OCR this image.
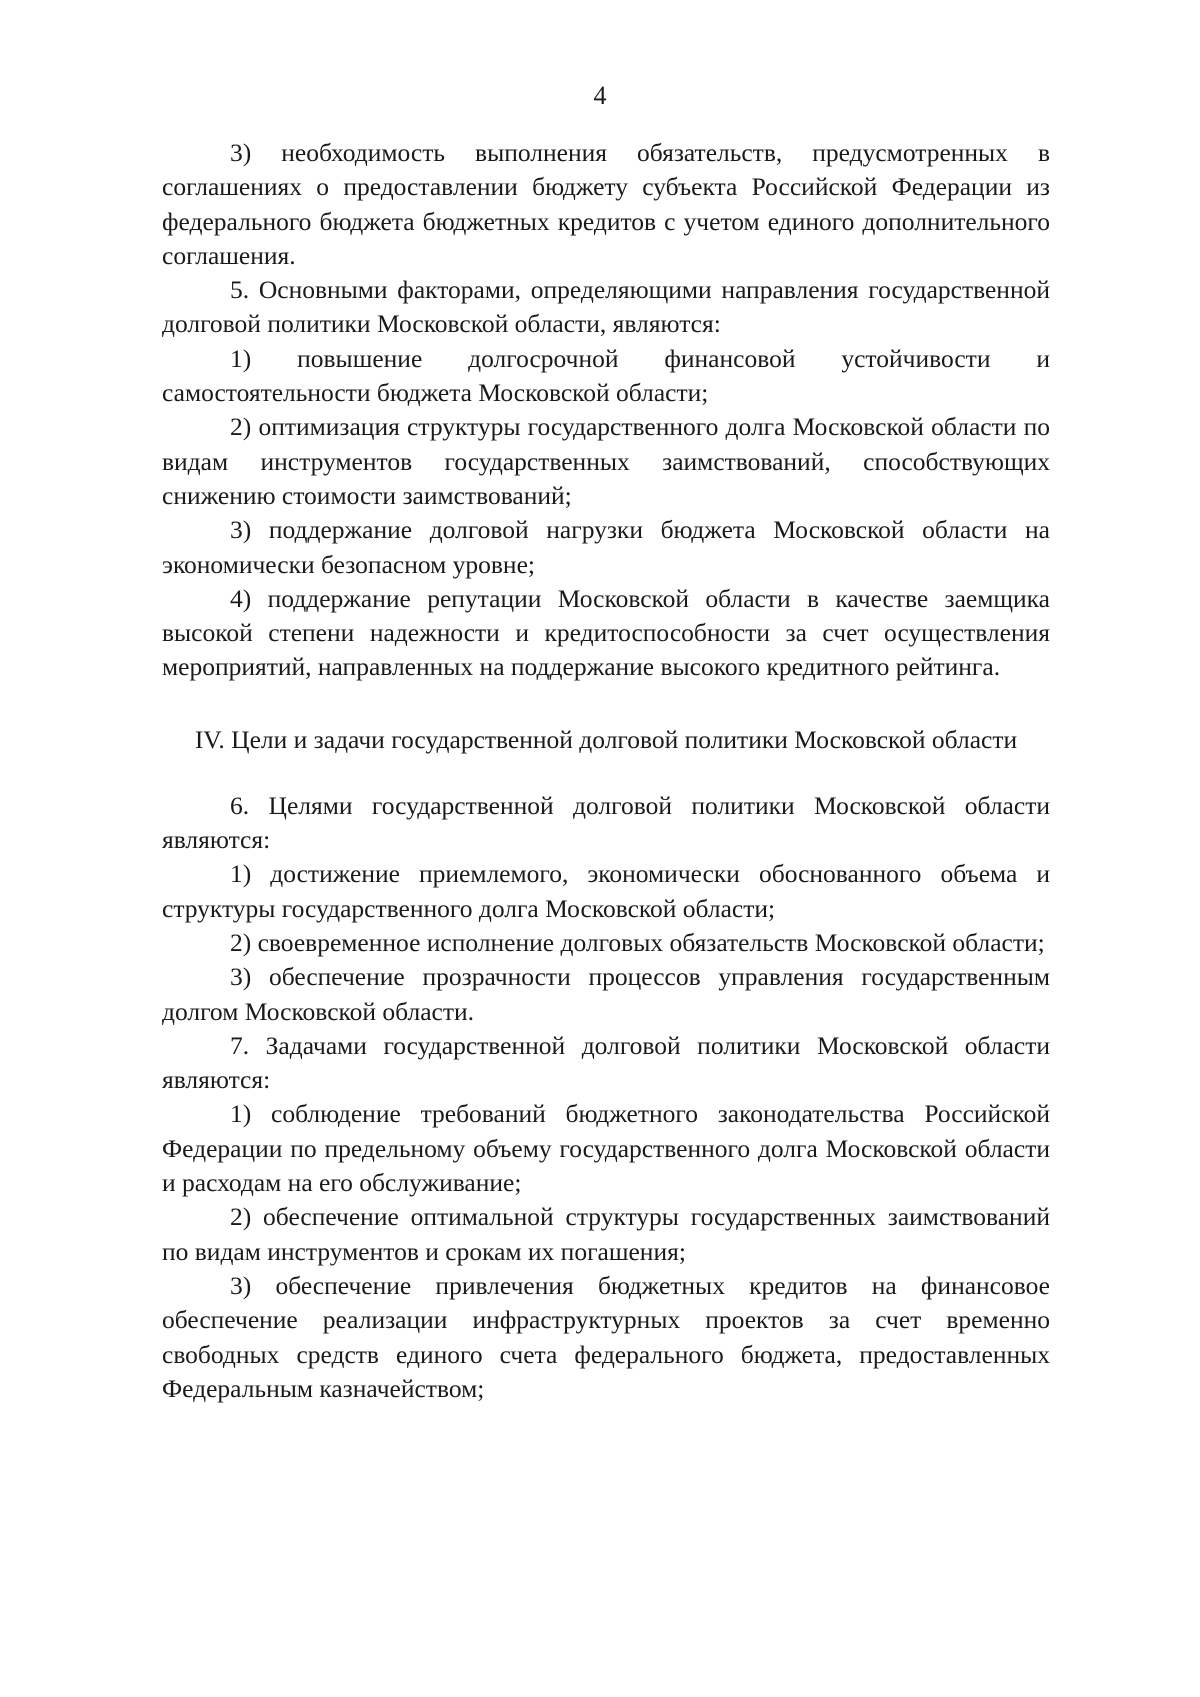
4

3) необходимость выполнения обязательств, предусмотренных в соглашениях о предоставлении бюджету субъекта Российской Федерации из федерального бюджета бюджетных кредитов с учетом единого дополнительного соглашения.

5. Основными факторами, определяющими направления государственной долговой политики Московской области, являются:

1) повышение долгосрочной финансовой устойчивости и самостоятельности бюджета Московской области;

2) оптимизация структуры государственного долга Московской области по видам инструментов государственных заимствований, способствующих снижению стоимости заимствований;

3) поддержание долговой нагрузки бюджета Московской области на экономически безопасном уровне;

4) поддержание репутации Московской области в качестве заемщика высокой степени надежности и кредитоспособности за счет осуществления мероприятий, направленных на поддержание высокого кредитного рейтинга.

IV. Цели и задачи государственной долговой политики Московской области

6. Целями государственной долговой политики Московской области являются:

1) достижение приемлемого, экономически обоснованного объема и структуры государственного долга Московской области;

2) своевременное исполнение долговых обязательств Московской области;

3) обеспечение прозрачности процессов управления государственным долгом Московской области.

7. Задачами государственной долговой политики Московской области являются:

1) соблюдение требований бюджетного законодательства Российской Федерации по предельному объему государственного долга Московской области и расходам на его обслуживание;

2) обеспечение оптимальной структуры государственных заимствований по видам инструментов и срокам их погашения;

3) обеспечение привлечения бюджетных кредитов на финансовое обеспечение реализации инфраструктурных проектов за счет временно свободных средств единого счета федерального бюджета, предоставленных Федеральным казначейством;
